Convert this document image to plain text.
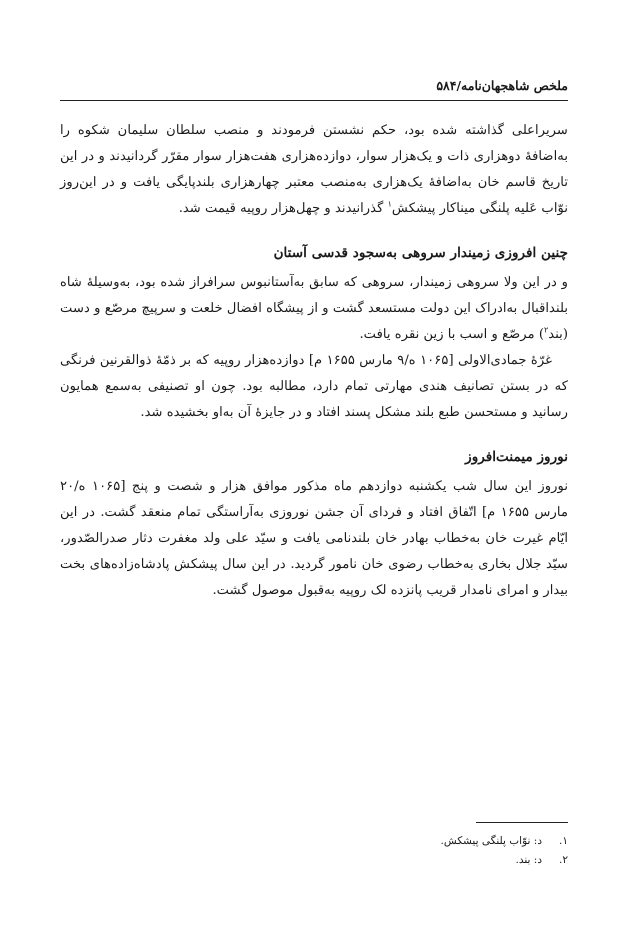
ملخص شاهجهان‌نامه/۵۸۴

سریراعلی گذاشته شده بود، حکم نشستن فرمودند و منصب سلطان سلیمان شکوه را به‌اضافهٔ دوهزاری ذات و یک‌هزار سوار، دوازده‌هزاری هفت‌هزار سوار مقرّر گردانیدند و در این تاریخ قاسم خان به‌اضافهٔ یک‌هزاری به‌منصب معتبر چهارهزاری بلندپایگی یافت و در این‌روز نوّاب عَلیه پلنگی میناکار پیشکش$^۱$ گذرانیدند و چهل‌هزار روپیه قیمت شد.

چنین افروزی زمیندار سروهی به‌سجود قدسی آستان

و در این ولا سروهی زمیندار، سروهی که سابق به‌آستانبوس سرافراز شده بود، به‌وسیلهٔ شاه بلنداقبال به‌ادراک این دولت مستسعد گشت و از پیشگاه افضال خلعت و سرپیچ مرصّع و دست (بند$^۲$) مرصّع و اسب با زین نقره یافت.

غرّهٔ جمادی‌الاولی [۱۰۶۵ ه/۹ مارس ۱۶۵۵ م] دوازده‌هزار روپیه که بر ذمّهٔ ذوالقرنین فرنگی که در بستن تصانیف هندی مهارتی تمام دارد، مطالبه بود. چون او تصنیفی به‌سمع همایون رسانید و مستحسن طبع بلند مشکل پسند افتاد و در جایزهٔ آن به‌او بخشیده شد.

نوروز میمنت‌افروز

نوروز این سال شب یکشنبه دوازدهم ماه مذکور موافق هزار و شصت و پنج [۱۰۶۵ ه/۲۰ مارس ۱۶۵۵ م] اتّفاق افتاد و فردای آن جشن نوروزی به‌آراستگی تمام منعقد گشت. در این ایّام غیرت خان به‌خطاب بهادر خان بلندنامی یافت و سیّد علی ولد مغفرت دثار صدرالصّدور، سیّد جلال بخاری به‌خطاب رضوی خان نامور گردید. در این سال پیشکش پادشاه‌زاده‌های بخت بیدار و امرای نامدار قریب پانزده لک روپیه به‌قبول موصول گشت.

۱.د: نوّاب پلنگی پیشکش.
۲.د: بند.
